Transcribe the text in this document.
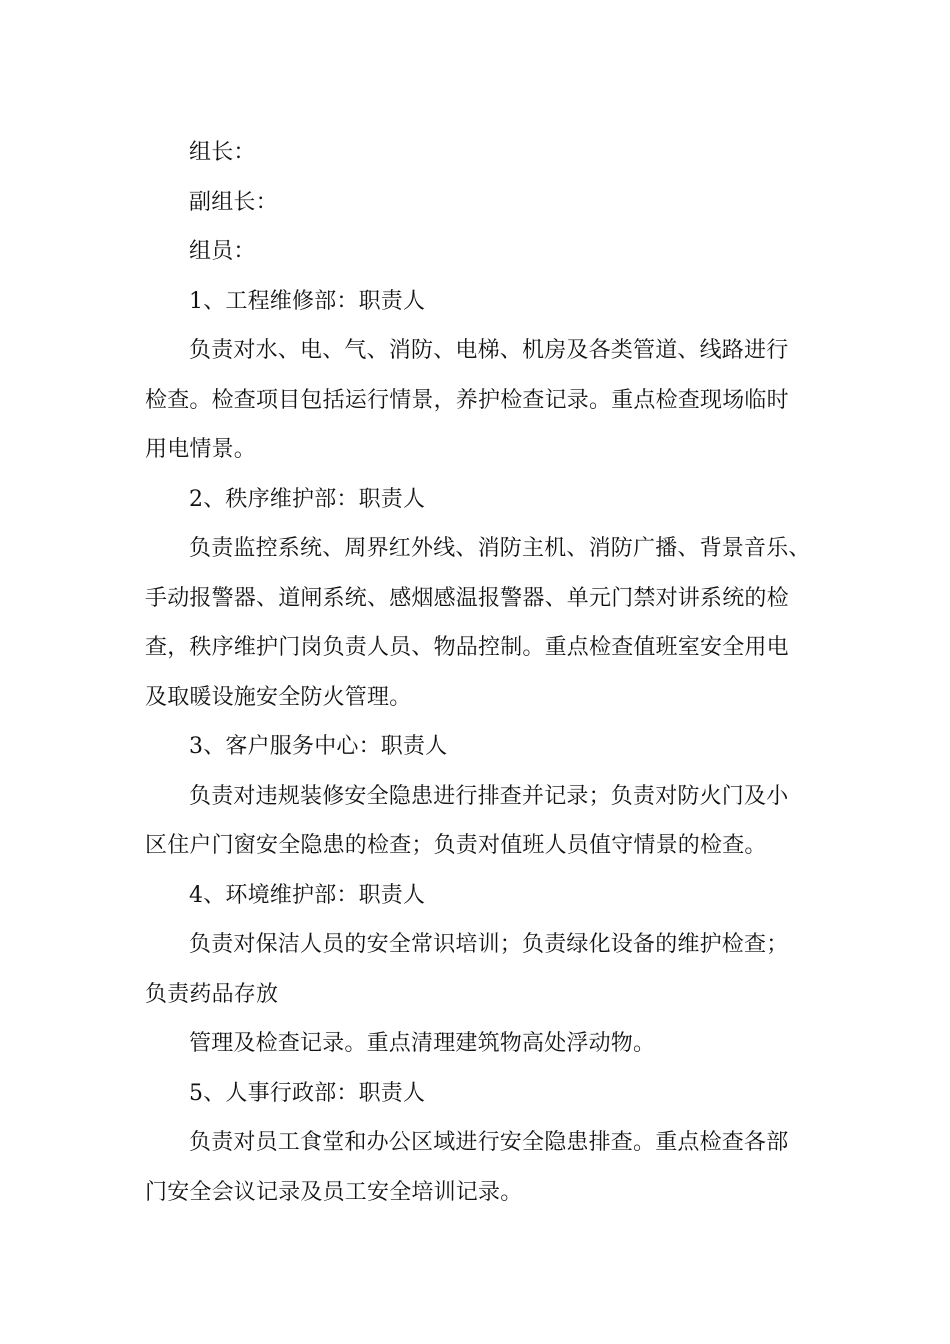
组长：

副组长：

组员：

1、工程维修部：职责人

负责对水、电、气、消防、电梯、机房及各类管道、线路进行

检查。检查项目包括运行情景，养护检查记录。重点检查现场临时

用电情景。

2、秩序维护部：职责人

负责监控系统、周界红外线、消防主机、消防广播、背景音乐、

手动报警器、道闸系统、感烟感温报警器、单元门禁对讲系统的检

查，秩序维护门岗负责人员、物品控制。重点检查值班室安全用电

及取暖设施安全防火管理。

3、客户服务中心：职责人

负责对违规装修安全隐患进行排查并记录；负责对防火门及小

区住户门窗安全隐患的检查；负责对值班人员值守情景的检查。

4、环境维护部：职责人

负责对保洁人员的安全常识培训；负责绿化设备的维护检查；

负责药品存放

管理及检查记录。重点清理建筑物高处浮动物。

5、人事行政部：职责人

负责对员工食堂和办公区域进行安全隐患排查。重点检查各部

门安全会议记录及员工安全培训记录。
